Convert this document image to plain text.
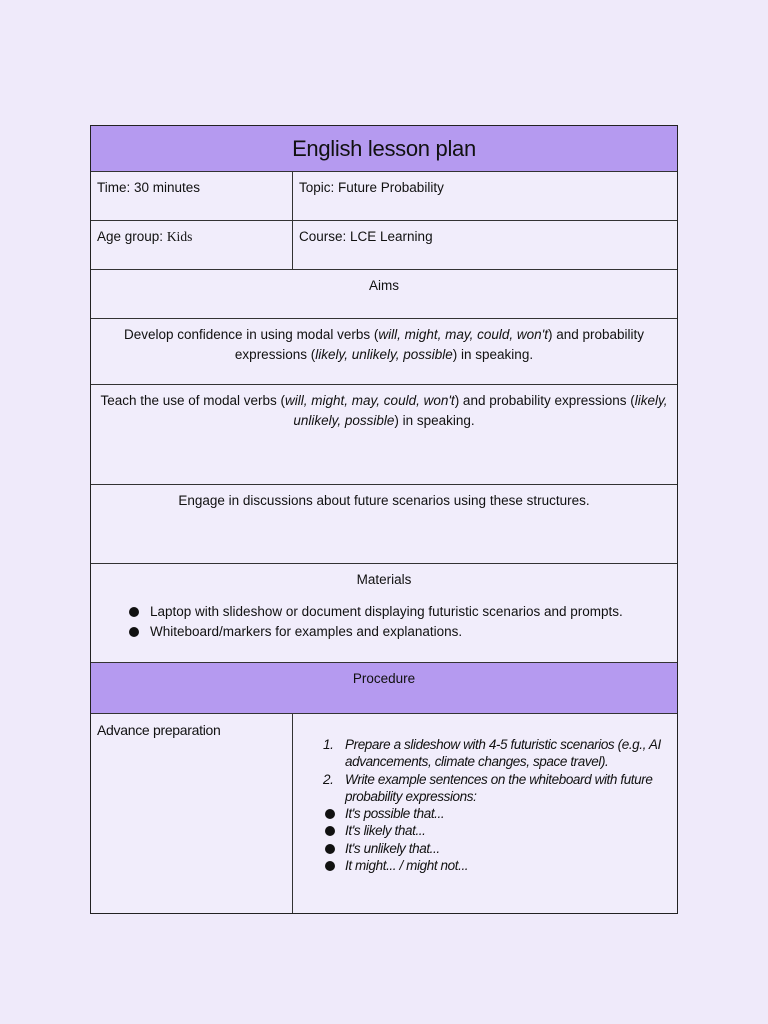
English lesson plan
Time: 30 minutes	Topic: Future Probability
Age group: Kids	Course: LCE Learning
Aims
Develop confidence in using modal verbs (will, might, may, could, won't) and probability expressions (likely, unlikely, possible) in speaking.
Teach the use of modal verbs (will, might, may, could, won't) and probability expressions (likely, unlikely, possible) in speaking.
Engage in discussions about future scenarios using these structures.
Materials
Laptop with slideshow or document displaying futuristic scenarios and prompts.
Whiteboard/markers for examples and explanations.
Procedure
Advance preparation
1. Prepare a slideshow with 4-5 futuristic scenarios (e.g., AI advancements, climate changes, space travel).
2. Write example sentences on the whiteboard with future probability expressions:
It's possible that...
It's likely that...
It's unlikely that...
It might... / might not...
